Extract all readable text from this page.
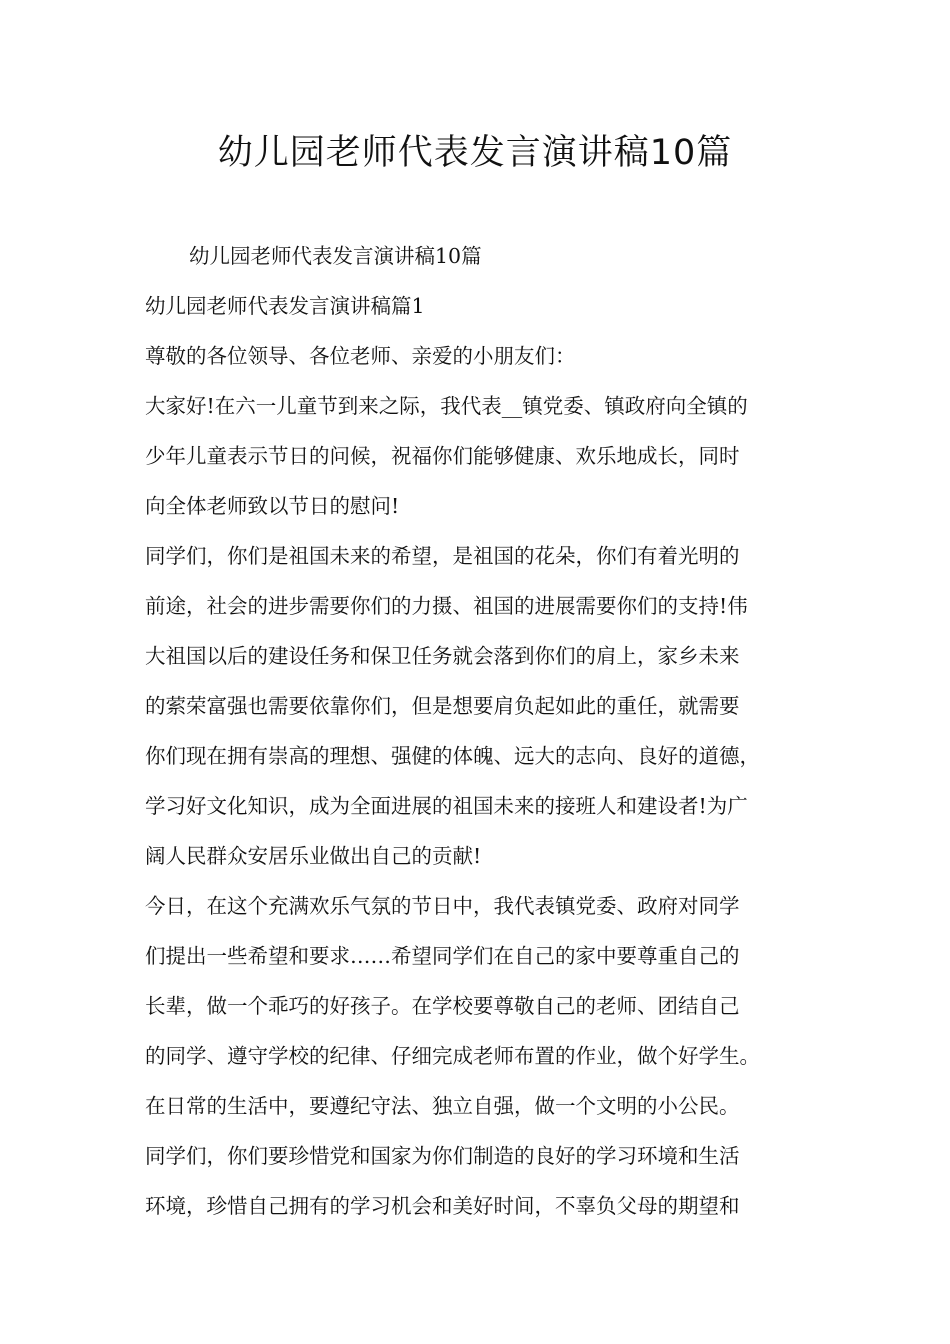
幼儿园老师代表发言演讲稿10篇
幼儿园老师代表发言演讲稿10篇
幼儿园老师代表发言演讲稿篇1
尊敬的各位领导、各位老师、亲爱的小朋友们：
大家好!在六一儿童节到来之际，我代表__镇党委、镇政府向全镇的
少年儿童表示节日的问候，祝福你们能够健康、欢乐地成长，同时
向全体老师致以节日的慰问!
同学们，你们是祖国未来的希望，是祖国的花朵，你们有着光明的
前途，社会的进步需要你们的力摄、祖国的进展需要你们的支持!伟
大祖国以后的建设任务和保卫任务就会落到你们的肩上，家乡未来
的萦荣富强也需要依靠你们，但是想要肩负起如此的重任，就需要
你们现在拥有崇高的理想、强健的体魄、远大的志向、良好的道德，
学习好文化知识，成为全面进展的祖国未来的接班人和建设者!为广
阔人民群众安居乐业做出自己的贡献!
今日，在这个充满欢乐气氛的节日中，我代表镇党委、政府对同学
们提出一些希望和要求……希望同学们在自己的家中要尊重自己的
长辈，做一个乖巧的好孩子。在学校要尊敬自己的老师、团结自己
的同学、遵守学校的纪律、仔细完成老师布置的作业，做个好学生。
在日常的生活中，要遵纪守法、独立自强，做一个文明的小公民。
同学们，你们要珍惜党和国家为你们制造的良好的学习环境和生活
环境，珍惜自己拥有的学习机会和美好时间，不辜负父母的期望和
